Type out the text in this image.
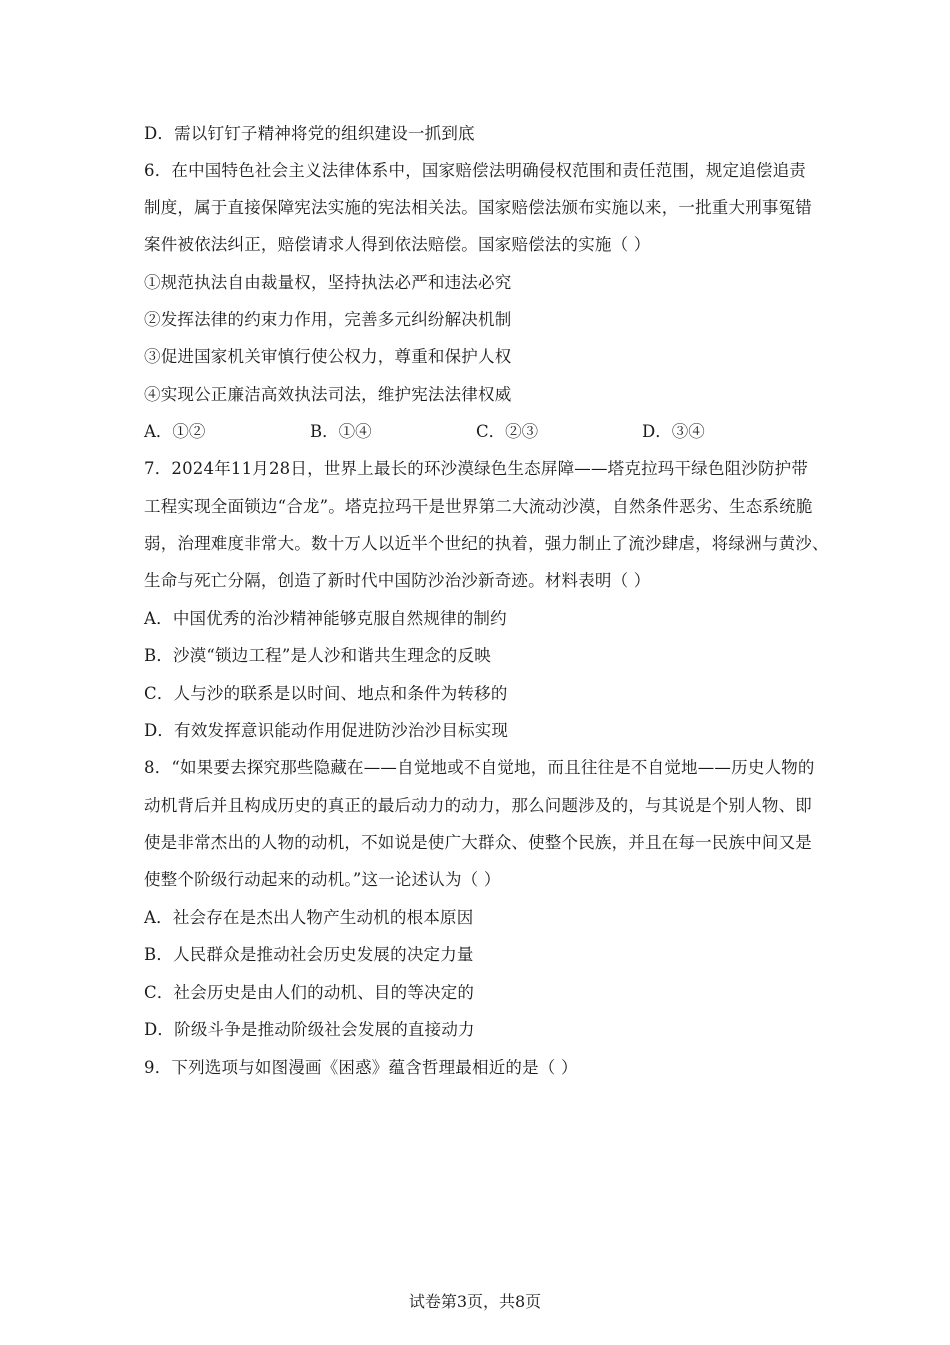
D．需以钉钉子精神将党的组织建设一抓到底
6．在中国特色社会主义法律体系中，国家赔偿法明确侵权范围和责任范围，规定追偿追责
制度，属于直接保障宪法实施的宪法相关法。国家赔偿法颁布实施以来，一批重大刑事冤错
案件被依法纠正，赔偿请求人得到依法赔偿。国家赔偿法的实施（ ）
①规范执法自由裁量权，坚持执法必严和违法必究
②发挥法律的约束力作用，完善多元纠纷解决机制
③促进国家机关审慎行使公权力，尊重和保护人权
④实现公正廉洁高效执法司法，维护宪法法律权威
A．①②	B．①④	C．②③	D．③④
7．2024年11月28日，世界上最长的环沙漠绿色生态屏障——塔克拉玛干绿色阻沙防护带
工程实现全面锁边“合龙”。塔克拉玛干是世界第二大流动沙漠，自然条件恶劣、生态系统脆
弱，治理难度非常大。数十万人以近半个世纪的执着，强力制止了流沙肆虐，将绿洲与黄沙、
生命与死亡分隔，创造了新时代中国防沙治沙新奇迹。材料表明（ ）
A．中国优秀的治沙精神能够克服自然规律的制约
B．沙漠“锁边工程”是人沙和谐共生理念的反映
C．人与沙的联系是以时间、地点和条件为转移的
D．有效发挥意识能动作用促进防沙治沙目标实现
8．“如果要去探究那些隐藏在——自觉地或不自觉地，而且往往是不自觉地——历史人物的
动机背后并且构成历史的真正的最后动力的动力，那么问题涉及的，与其说是个别人物、即
使是非常杰出的人物的动机，不如说是使广大群众、使整个民族，并且在每一民族中间又是
使整个阶级行动起来的动机。”这一论述认为（ ）
A．社会存在是杰出人物产生动机的根本原因
B．人民群众是推动社会历史发展的决定力量
C．社会历史是由人们的动机、目的等决定的
D．阶级斗争是推动阶级社会发展的直接动力
9．下列选项与如图漫画《困惑》蕴含哲理最相近的是（ ）
试卷第3页，共8页
